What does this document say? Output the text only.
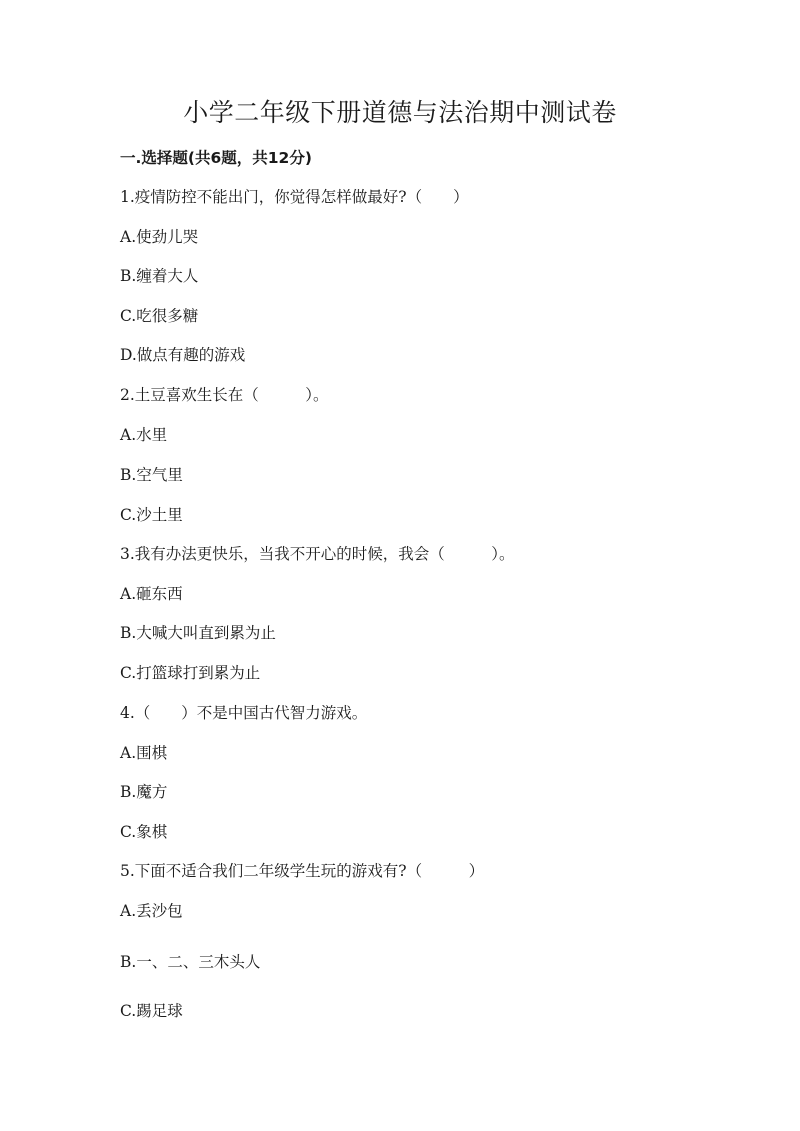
小学二年级下册道德与法治期中测试卷
一.选择题(共6题，共12分)
1.疫情防控不能出门，你觉得怎样做最好?（　　）
A.使劲儿哭
B.缠着大人
C.吃很多糖
D.做点有趣的游戏
2.土豆喜欢生长在（　　　）。
A.水里
B.空气里
C.沙土里
3.我有办法更快乐，当我不开心的时候，我会（　　　）。
A.砸东西
B.大喊大叫直到累为止
C.打篮球打到累为止
4.（　　）不是中国古代智力游戏。
A.围棋
B.魔方
C.象棋
5.下面不适合我们二年级学生玩的游戏有?（　　　）
A.丢沙包
B.一、二、三木头人
C.踢足球
